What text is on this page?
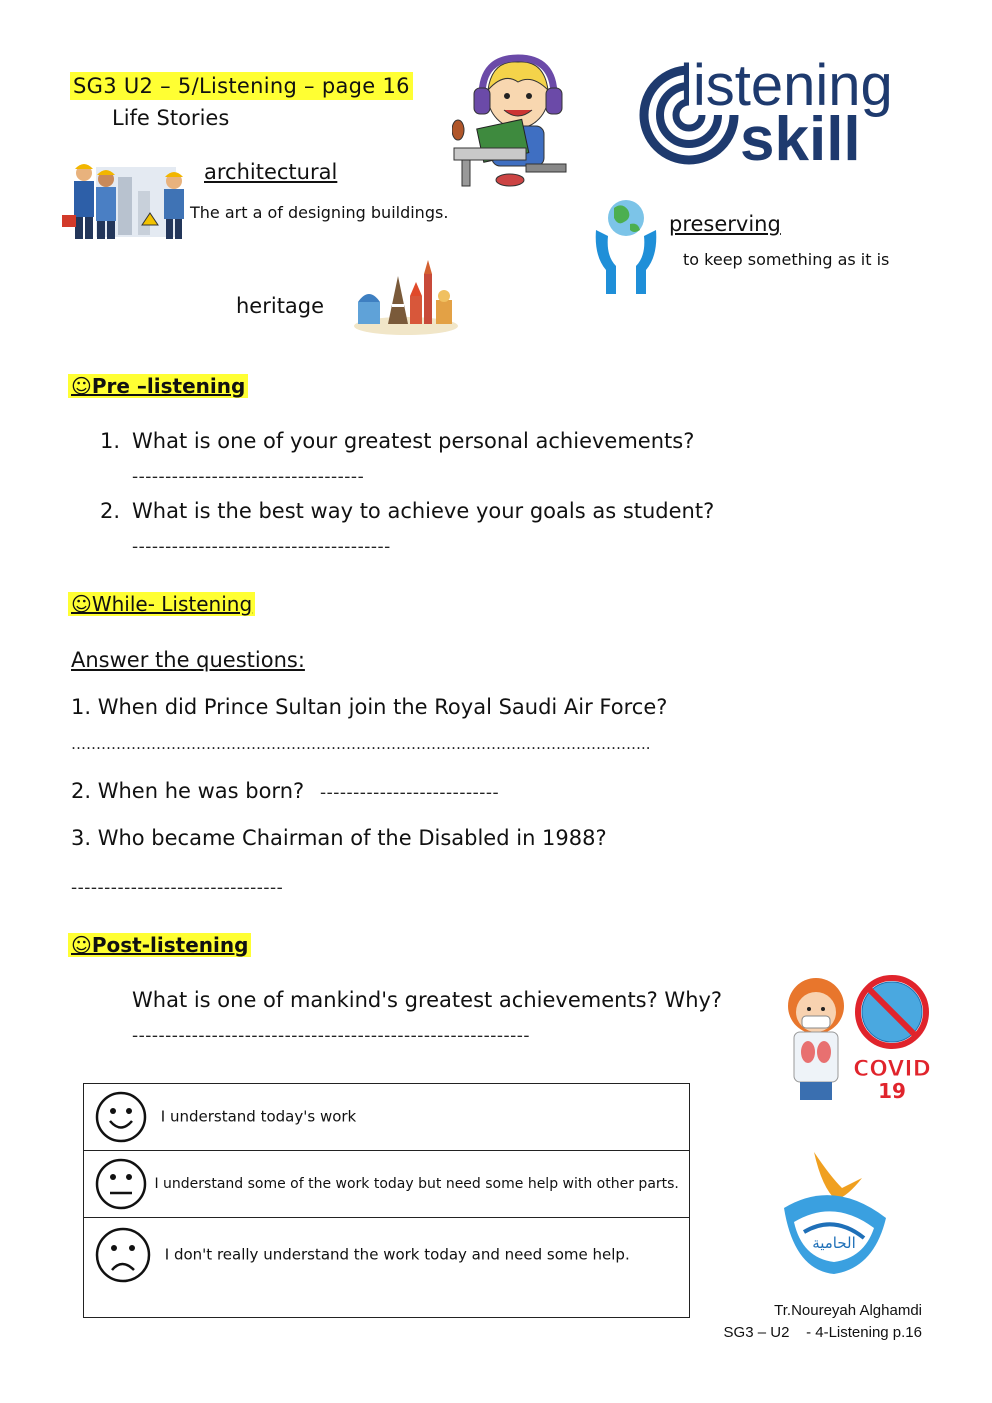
SG3 U2 – 5/Listening – page 16
Life Stories	listening
skill
architectural
The art a of designing buildings.	preserving
to keep something as it is
heritage
☺Pre –listening
1. What is one of your greatest personal achievements?
-----------------------------------
2. What is the best way to achieve your goals as student?
---------------------------------------
☺While- Listening
Answer the questions:
1. When did Prince Sultan join the Royal Saudi Air Force?
……………………………………………………………………………………………………..
2. When he was born? ---------------------------
3. Who became Chairman of the Disabled in 1988?
--------------------------------
☺Post-listening
What is one of mankind's greatest achievements? Why?
------------------------------------------------------------
COVID
19
I understand today's work
I understand some of the work today but need some help with other parts.
I don't really understand the work today and need some help.
الحامية
Tr.Noureyah Alghamdi
SG3 – U2    - 4-Listening p.16
